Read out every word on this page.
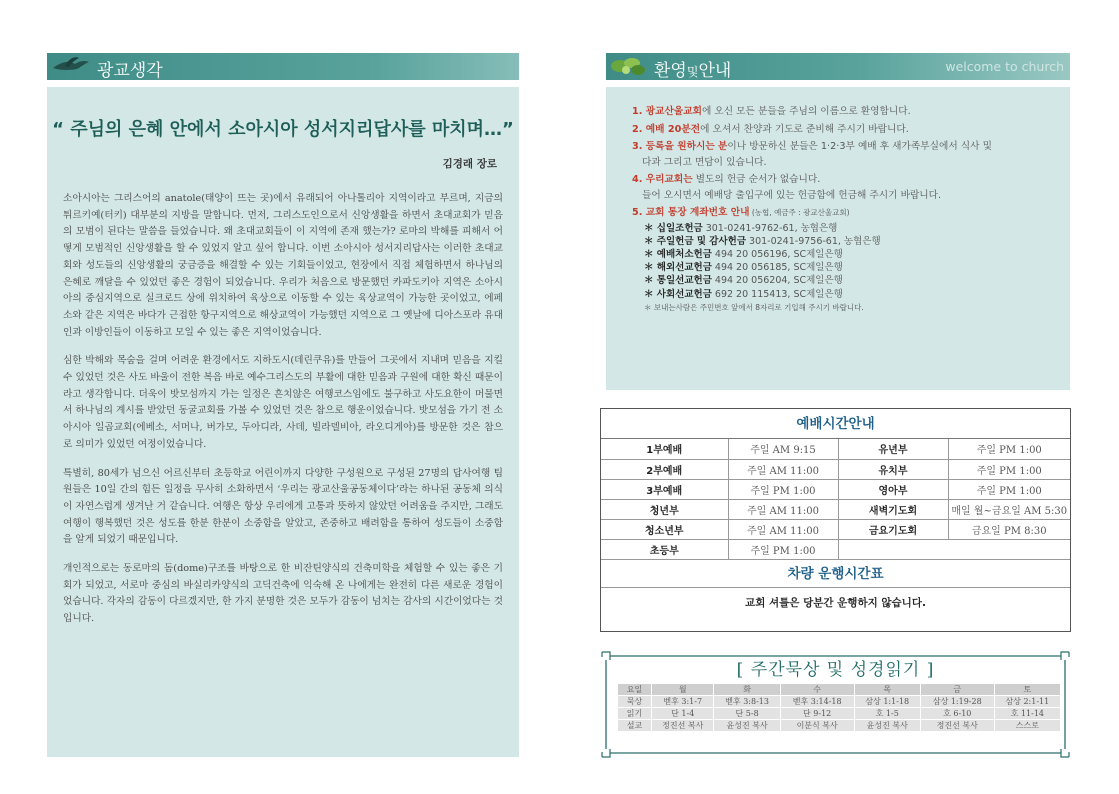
광교생각
“ 주님의 은혜 안에서 소아시아 성서지리답사를 마치며…”
김경래 장로

소아시아는 그리스어의 anatole(태양이 뜨는 곳)에서 유래되어 아나톨리아 지역이라고 부르며, 지금의 튀르키예(터키) 대부분의 지방을 말합니다. 먼저, 그리스도인으로서 신앙생활을 하면서 초대교회가 믿음의 모범이 된다는 말씀을 들었습니다. 왜 초대교회들이 이 지역에 존재 했는가? 로마의 박해를 피해서 어떻게 모범적인 신앙생활을 할 수 있었지 알고 싶어 합니다. 이번 소아시아 성서지리답사는 이러한 초대교회와 성도들의 신앙생활의 궁금증을 해결할 수 있는 기회들이었고, 현장에서 직접 체험하면서 하나님의 은혜로 깨달을 수 있었던 좋은 경험이 되었습니다. 우리가 처음으로 방문했던 카파도키아 지역은 소아시아의 중심지역으로 실크로드 상에 위치하여 육상으로 이동할 수 있는 육상교역이 가능한 곳이었고, 에페소와 같은 지역은 바다가 근접한 항구지역으로 해상교역이 가능했던 지역으로 그 옛날에 디아스포라 유대인과 이방인들이 이동하고 모일 수 있는 좋은 지역이었습니다.

심한 박해와 목숨을 걸며 어려운 환경에서도 지하도시(데린쿠유)를 만들어 그곳에서 지내며 믿음을 지킬 수 있었던 것은 사도 바울이 전한 복음 바로 예수그리스도의 부활에 대한 믿음과 구원에 대한 확신 때문이라고 생각합니다. 더욱이 밧모섬까지 가는 일정은 흔치않은 여행코스임에도 불구하고 사도요한이 머물면서 하나님의 계시를 받았던 동굴교회를 가볼 수 있었던 것은 참으로 행운이었습니다. 밧모섬을 가기 전 소아시아 일곱교회(에베소, 서머나, 버가모, 두아디라, 사데, 빌라델비아, 라오디게아)를 방문한 것은 참으로 의미가 있었던 여정이었습니다.

특별히, 80세가 넘으신 어르신부터 초등학교 어린이까지 다양한 구성원으로 구성된 27명의 답사여행 팀원들은 10일 간의 힘든 일정을 무사히 소화하면서 ‘우리는 광교산울공동체이다’라는 하나된 공동체 의식이 자연스럽게 생겨난 거 같습니다. 여행은 항상 우리에게 고통과 뜻하지 않았던 어려움을 주지만, 그래도 여행이 행복했던 것은 성도를 한분 한분이 소중함을 알았고, 존중하고 배려함을 통하여 성도들이 소중함을 알게 되었기 때문입니다.

개인적으로는 동로마의 돔(dome)구조를 바탕으로 한 비잔틴양식의 건축미학을 체험할 수 있는 좋은 기회가 되었고, 서로마 중심의 바실리카양식의 고딕건축에 익숙해 온 나에게는 완전히 다른 새로운 경험이었습니다. 각자의 감동이 다르겠지만, 한 가지 분명한 것은 모두가 감동이 넘치는 감사의 시간이었다는 것입니다.

환영및안내	welcome to church
1. 광교산울교회에 오신 모든 분들을 주님의 이름으로 환영합니다.
2. 예배 20분전에 오셔서 찬양과 기도로 준비해 주시기 바랍니다.
3. 등록을 원하시는 분이나 방문하신 분들은 1·2·3부 예배 후 새가족부실에서 식사 및
다과 그리고 면담이 있습니다.
4. 우리교회는 별도의 헌금 순서가 없습니다.
들어 오시면서 예배당 출입구에 있는 헌금함에 헌금해 주시기 바랍니다.
5. 교회 통장 계좌번호 안내 (농협, 예금주 : 광교산울교회)
＊ 십일조헌금 301-0241-9762-61, 농협은행
＊ 주일헌금 및 감사헌금 301-0241-9756-61, 농협은행
＊ 예배처소헌금 494 20 056196, SC제일은행
＊ 해외선교헌금 494 20 056185, SC제일은행
＊ 통일선교헌금 494 20 056204, SC제일은행
＊ 사회선교헌금 692 20 115413, SC제일은행
＊ 보내는사람은 주민번호 앞에서 8자리로 기입해 주시기 바랍니다.
예배시간안내
1부예배	주일 AM 9:15	유년부	주일 PM 1:00
2부예배	주일 AM 11:00	유치부	주일 PM 1:00
3부예배	주일 PM 1:00	영아부	주일 PM 1:00
청년부	주일 AM 11:00	새벽기도회	매일 월~금요일 AM 5:30
청소년부	주일 AM 11:00	금요기도회	금요일 PM 8:30
초등부	주일 PM 1:00		
차량 운행시간표
교회 셔틀은 당분간 운행하지 않습니다.
[ 주간묵상 및 성경읽기 ]
요일	월	화	수	목	금	토
묵상	벧후 3:1-7	벧후 3:8-13	벧후 3:14-18	삼상 1:1-18	삼상 1:19-28	삼상 2:1-11
읽기	단 1-4	단 5-8	단 9-12	호 1-5	호 6-10	호 11-14
설교	정진선 복사	윤성진 복사	이분식 복사	윤성진 복사	정진선 복사	스스로
